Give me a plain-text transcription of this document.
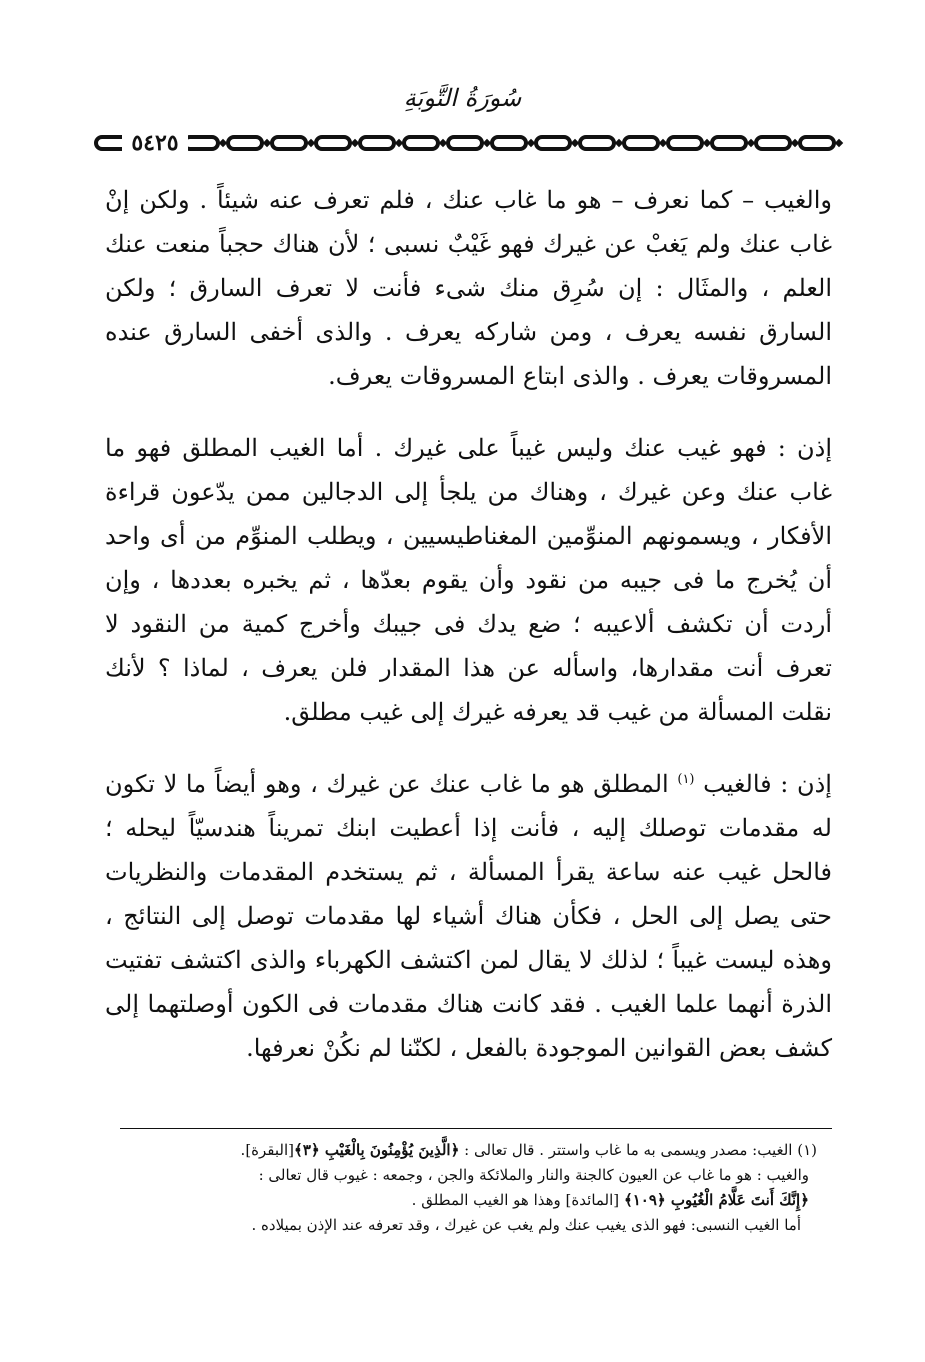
سُورَةُ التَّوبَةِ
٥٤٢٥
والغيب – كما نعرف – هو ما غاب عنك ، فلم تعرف عنه شيئاً . ولكن إنْ غاب عنك ولم يَغبْ عن غيرك فهو غَيْبٌ نسبى ؛ لأن هناك حجباً منعت عنك العلم ، والمثَال : إن سُرِق منك شىء فأنت لا تعرف السارق ؛ ولكن السارق نفسه يعرف ، ومن شاركه يعرف . والذى أخفى السارق عنده المسروقات يعرف . والذى ابتاع المسروقات يعرف.
إذن : فهو غيب عنك وليس غيباً على غيرك . أما الغيب المطلق فهو ما غاب عنك وعن غيرك ، وهناك من يلجأ إلى الدجالين ممن يدّعون قراءة الأفكار ، ويسمونهم المنوِّمين المغناطيسيين ، ويطلب المنوِّم من أى واحد أن يُخرج ما فى جيبه من نقود وأن يقوم بعدّها ، ثم يخبره بعددها ، وإن أردت أن تكشف ألاعيبه ؛ ضع يدك فى جيبك وأخرج كمية من النقود لا تعرف أنت مقدارها، واسأله عن هذا المقدار فلن يعرف ، لماذا ؟ لأنك نقلت المسألة من غيب قد يعرفه غيرك إلى غيب مطلق.
إذن : فالغيب $^{(١)}$ المطلق هو ما غاب عنك عن غيرك ، وهو أيضاً ما لا تكون له مقدمات توصلك إليه ، فأنت إذا أعطيت ابنك تمريناً هندسيّاً ليحله ؛ فالحل غيب عنه ساعة يقرأ المسألة ، ثم يستخدم المقدمات والنظريات حتى يصل إلى الحل ، فكأن هناك أشياء لها مقدمات توصل إلى النتائج ، وهذه ليست غيباً ؛ لذلك لا يقال لمن اكتشف الكهرباء والذى اكتشف تفتيت الذرة أنهما علما الغيب . فقد كانت هناك مقدمات فى الكون أوصلتهما إلى كشف بعض القوانين الموجودة بالفعل ، لكنّنا لم نكُنْ نعرفها.
(١) الغيب: مصدر ويسمى به ما غاب واستتر . قال تعالى : ﴿الَّذِينَ يُؤْمِنُونَ بِالْغَيْبِ ﴿٣﴾[البقرة].
والغيب : هو ما غاب عن العيون كالجنة والنار والملائكة والجن ، وجمعه : غيوب قال تعالى :
﴿إِنَّكَ أَنتَ عَلَّامُ الْغُيُوبِ ﴿١٠٩﴾ [المائدة] وهذا هو الغيب المطلق .
أما الغيب النسبى: فهو الذى يغيب عنك ولم يغب عن غيرك ، وقد تعرفه عند الإذن بميلاده .
